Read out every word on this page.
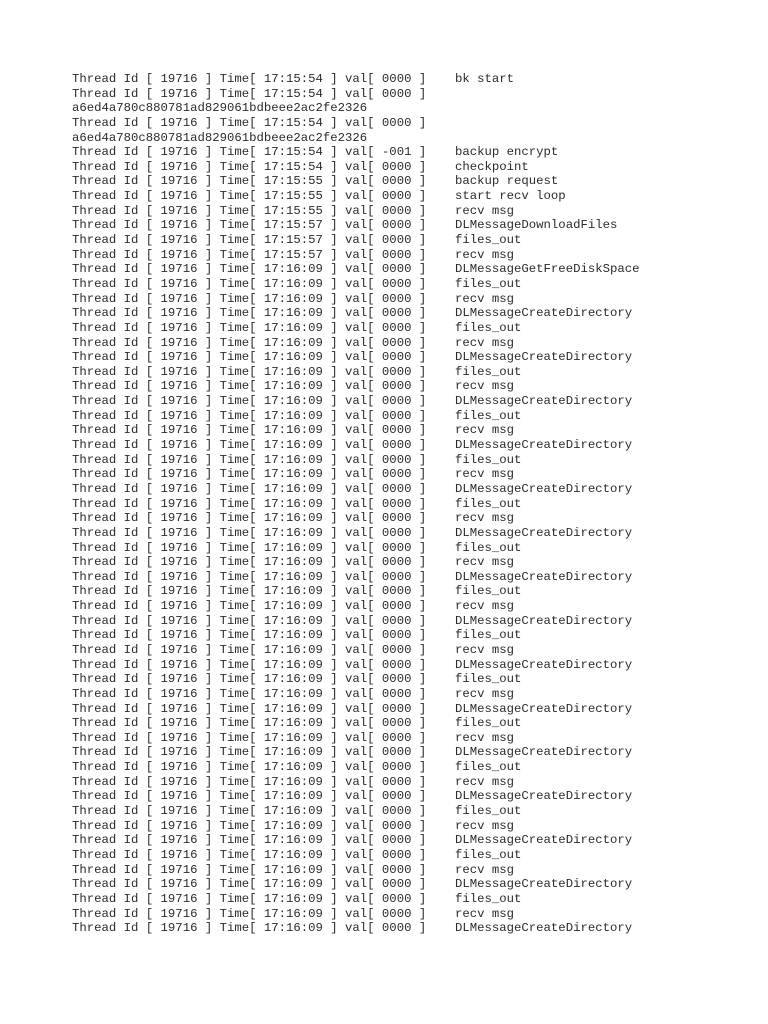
Thread Id [ 19716 ] Time[ 17:15:54 ] val[ 0000 ]	bk start
Thread Id [ 19716 ] Time[ 17:15:54 ] val[ 0000 ]
a6ed4a780c880781ad829061bdbeee2ac2fe2326
Thread Id [ 19716 ] Time[ 17:15:54 ] val[ 0000 ]
a6ed4a780c880781ad829061bdbeee2ac2fe2326
Thread Id [ 19716 ] Time[ 17:15:54 ] val[ -001 ]	backup encrypt
Thread Id [ 19716 ] Time[ 17:15:54 ] val[ 0000 ]	checkpoint
Thread Id [ 19716 ] Time[ 17:15:55 ] val[ 0000 ]	backup request
Thread Id [ 19716 ] Time[ 17:15:55 ] val[ 0000 ]	start recv loop
Thread Id [ 19716 ] Time[ 17:15:55 ] val[ 0000 ]	recv msg
Thread Id [ 19716 ] Time[ 17:15:57 ] val[ 0000 ]	DLMessageDownloadFiles
Thread Id [ 19716 ] Time[ 17:15:57 ] val[ 0000 ]	files_out
Thread Id [ 19716 ] Time[ 17:15:57 ] val[ 0000 ]	recv msg
Thread Id [ 19716 ] Time[ 17:16:09 ] val[ 0000 ]	DLMessageGetFreeDiskSpace
Thread Id [ 19716 ] Time[ 17:16:09 ] val[ 0000 ]	files_out
Thread Id [ 19716 ] Time[ 17:16:09 ] val[ 0000 ]	recv msg
Thread Id [ 19716 ] Time[ 17:16:09 ] val[ 0000 ]	DLMessageCreateDirectory
Thread Id [ 19716 ] Time[ 17:16:09 ] val[ 0000 ]	files_out
Thread Id [ 19716 ] Time[ 17:16:09 ] val[ 0000 ]	recv msg
Thread Id [ 19716 ] Time[ 17:16:09 ] val[ 0000 ]	DLMessageCreateDirectory
Thread Id [ 19716 ] Time[ 17:16:09 ] val[ 0000 ]	files_out
Thread Id [ 19716 ] Time[ 17:16:09 ] val[ 0000 ]	recv msg
Thread Id [ 19716 ] Time[ 17:16:09 ] val[ 0000 ]	DLMessageCreateDirectory
Thread Id [ 19716 ] Time[ 17:16:09 ] val[ 0000 ]	files_out
Thread Id [ 19716 ] Time[ 17:16:09 ] val[ 0000 ]	recv msg
Thread Id [ 19716 ] Time[ 17:16:09 ] val[ 0000 ]	DLMessageCreateDirectory
Thread Id [ 19716 ] Time[ 17:16:09 ] val[ 0000 ]	files_out
Thread Id [ 19716 ] Time[ 17:16:09 ] val[ 0000 ]	recv msg
Thread Id [ 19716 ] Time[ 17:16:09 ] val[ 0000 ]	DLMessageCreateDirectory
Thread Id [ 19716 ] Time[ 17:16:09 ] val[ 0000 ]	files_out
Thread Id [ 19716 ] Time[ 17:16:09 ] val[ 0000 ]	recv msg
Thread Id [ 19716 ] Time[ 17:16:09 ] val[ 0000 ]	DLMessageCreateDirectory
Thread Id [ 19716 ] Time[ 17:16:09 ] val[ 0000 ]	files_out
Thread Id [ 19716 ] Time[ 17:16:09 ] val[ 0000 ]	recv msg
Thread Id [ 19716 ] Time[ 17:16:09 ] val[ 0000 ]	DLMessageCreateDirectory
Thread Id [ 19716 ] Time[ 17:16:09 ] val[ 0000 ]	files_out
Thread Id [ 19716 ] Time[ 17:16:09 ] val[ 0000 ]	recv msg
Thread Id [ 19716 ] Time[ 17:16:09 ] val[ 0000 ]	DLMessageCreateDirectory
Thread Id [ 19716 ] Time[ 17:16:09 ] val[ 0000 ]	files_out
Thread Id [ 19716 ] Time[ 17:16:09 ] val[ 0000 ]	recv msg
Thread Id [ 19716 ] Time[ 17:16:09 ] val[ 0000 ]	DLMessageCreateDirectory
Thread Id [ 19716 ] Time[ 17:16:09 ] val[ 0000 ]	files_out
Thread Id [ 19716 ] Time[ 17:16:09 ] val[ 0000 ]	recv msg
Thread Id [ 19716 ] Time[ 17:16:09 ] val[ 0000 ]	DLMessageCreateDirectory
Thread Id [ 19716 ] Time[ 17:16:09 ] val[ 0000 ]	files_out
Thread Id [ 19716 ] Time[ 17:16:09 ] val[ 0000 ]	recv msg
Thread Id [ 19716 ] Time[ 17:16:09 ] val[ 0000 ]	DLMessageCreateDirectory
Thread Id [ 19716 ] Time[ 17:16:09 ] val[ 0000 ]	files_out
Thread Id [ 19716 ] Time[ 17:16:09 ] val[ 0000 ]	recv msg
Thread Id [ 19716 ] Time[ 17:16:09 ] val[ 0000 ]	DLMessageCreateDirectory
Thread Id [ 19716 ] Time[ 17:16:09 ] val[ 0000 ]	files_out
Thread Id [ 19716 ] Time[ 17:16:09 ] val[ 0000 ]	recv msg
Thread Id [ 19716 ] Time[ 17:16:09 ] val[ 0000 ]	DLMessageCreateDirectory
Thread Id [ 19716 ] Time[ 17:16:09 ] val[ 0000 ]	files_out
Thread Id [ 19716 ] Time[ 17:16:09 ] val[ 0000 ]	recv msg
Thread Id [ 19716 ] Time[ 17:16:09 ] val[ 0000 ]	DLMessageCreateDirectory
Thread Id [ 19716 ] Time[ 17:16:09 ] val[ 0000 ]	files_out
Thread Id [ 19716 ] Time[ 17:16:09 ] val[ 0000 ]	recv msg
Thread Id [ 19716 ] Time[ 17:16:09 ] val[ 0000 ]	DLMessageCreateDirectory
